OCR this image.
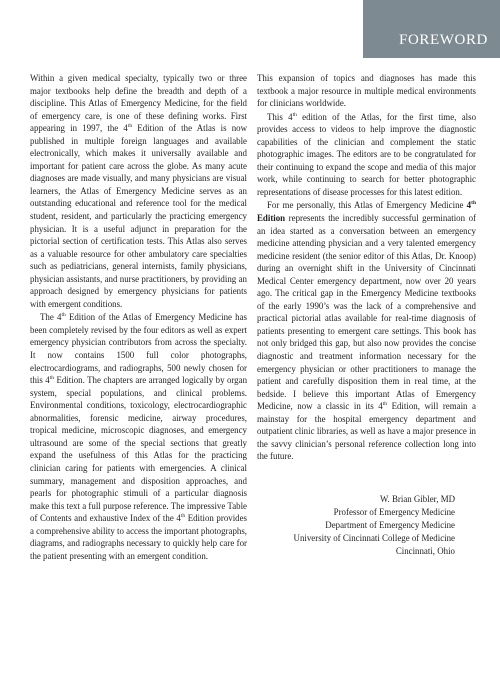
FOREWORD

Within a given medical specialty, typically two or three major textbooks help define the breadth and depth of a discipline. This Atlas of Emergency Medicine, for the field of emergency care, is one of these defining works. First appearing in 1997, the 4th Edition of the Atlas is now published in multiple foreign languages and available electronically, which makes it universally available and important for patient care across the globe. As many acute diagnoses are made visually, and many physicians are visual learners, the Atlas of Emergency Medicine serves as an outstanding educational and reference tool for the medical student, resident, and particularly the practicing emergency physician. It is a useful adjunct in preparation for the pictorial section of certification tests. This Atlas also serves as a valuable resource for other ambulatory care specialties such as pediatricians, general internists, family physicians, physician assistants, and nurse practitioners, by providing an approach designed by emergency physicians for patients with emergent conditions.

The 4th Edition of the Atlas of Emergency Medicine has been completely revised by the four editors as well as expert emergency physician contributors from across the specialty. It now contains 1500 full color photographs, electrocardiograms, and radiographs, 500 newly chosen for this 4th Edition. The chapters are arranged logically by organ system, special populations, and clinical problems. Environmental conditions, toxicology, electrocardiographic abnormalities, forensic medicine, airway procedures, tropical medicine, microscopic diagnoses, and emergency ultrasound are some of the special sections that greatly expand the usefulness of this Atlas for the practicing clinician caring for patients with emergencies. A clinical summary, management and disposition approaches, and pearls for photographic stimuli of a particular diagnosis make this text a full purpose reference. The impressive Table of Contents and exhaustive Index of the 4th Edition provides a comprehensive ability to access the important photographs, diagrams, and radiographs necessary to quickly help care for the patient presenting with an emergent condition.

This expansion of topics and diagnoses has made this textbook a major resource in multiple medical environments for clinicians worldwide.

This 4th edition of the Atlas, for the first time, also provides access to videos to help improve the diagnostic capabilities of the clinician and complement the static photographic images. The editors are to be congratulated for their continuing to expand the scope and media of this major work, while continuing to search for better photographic representations of disease processes for this latest edition.

For me personally, this Atlas of Emergency Medicine 4th Edition represents the incredibly successful germination of an idea started as a conversation between an emergency medicine attending physician and a very talented emergency medicine resident (the senior editor of this Atlas, Dr. Knoop) during an overnight shift in the University of Cincinnati Medical Center emergency department, now over 20 years ago. The critical gap in the Emergency Medicine textbooks of the early 1990’s was the lack of a comprehensive and practical pictorial atlas available for real-time diagnosis of patients presenting to emergent care settings. This book has not only bridged this gap, but also now provides the concise diagnostic and treatment information necessary for the emergency physician or other practitioners to manage the patient and carefully disposition them in real time, at the bedside. I believe this important Atlas of Emergency Medicine, now a classic in its 4th Edition, will remain a mainstay for the hospital emergency department and outpatient clinic libraries, as well as have a major presence in the savvy clinician’s personal reference collection long into the future.

W. Brian Gibler, MD
Professor of Emergency Medicine
Department of Emergency Medicine
University of Cincinnati College of Medicine
Cincinnati, Ohio
